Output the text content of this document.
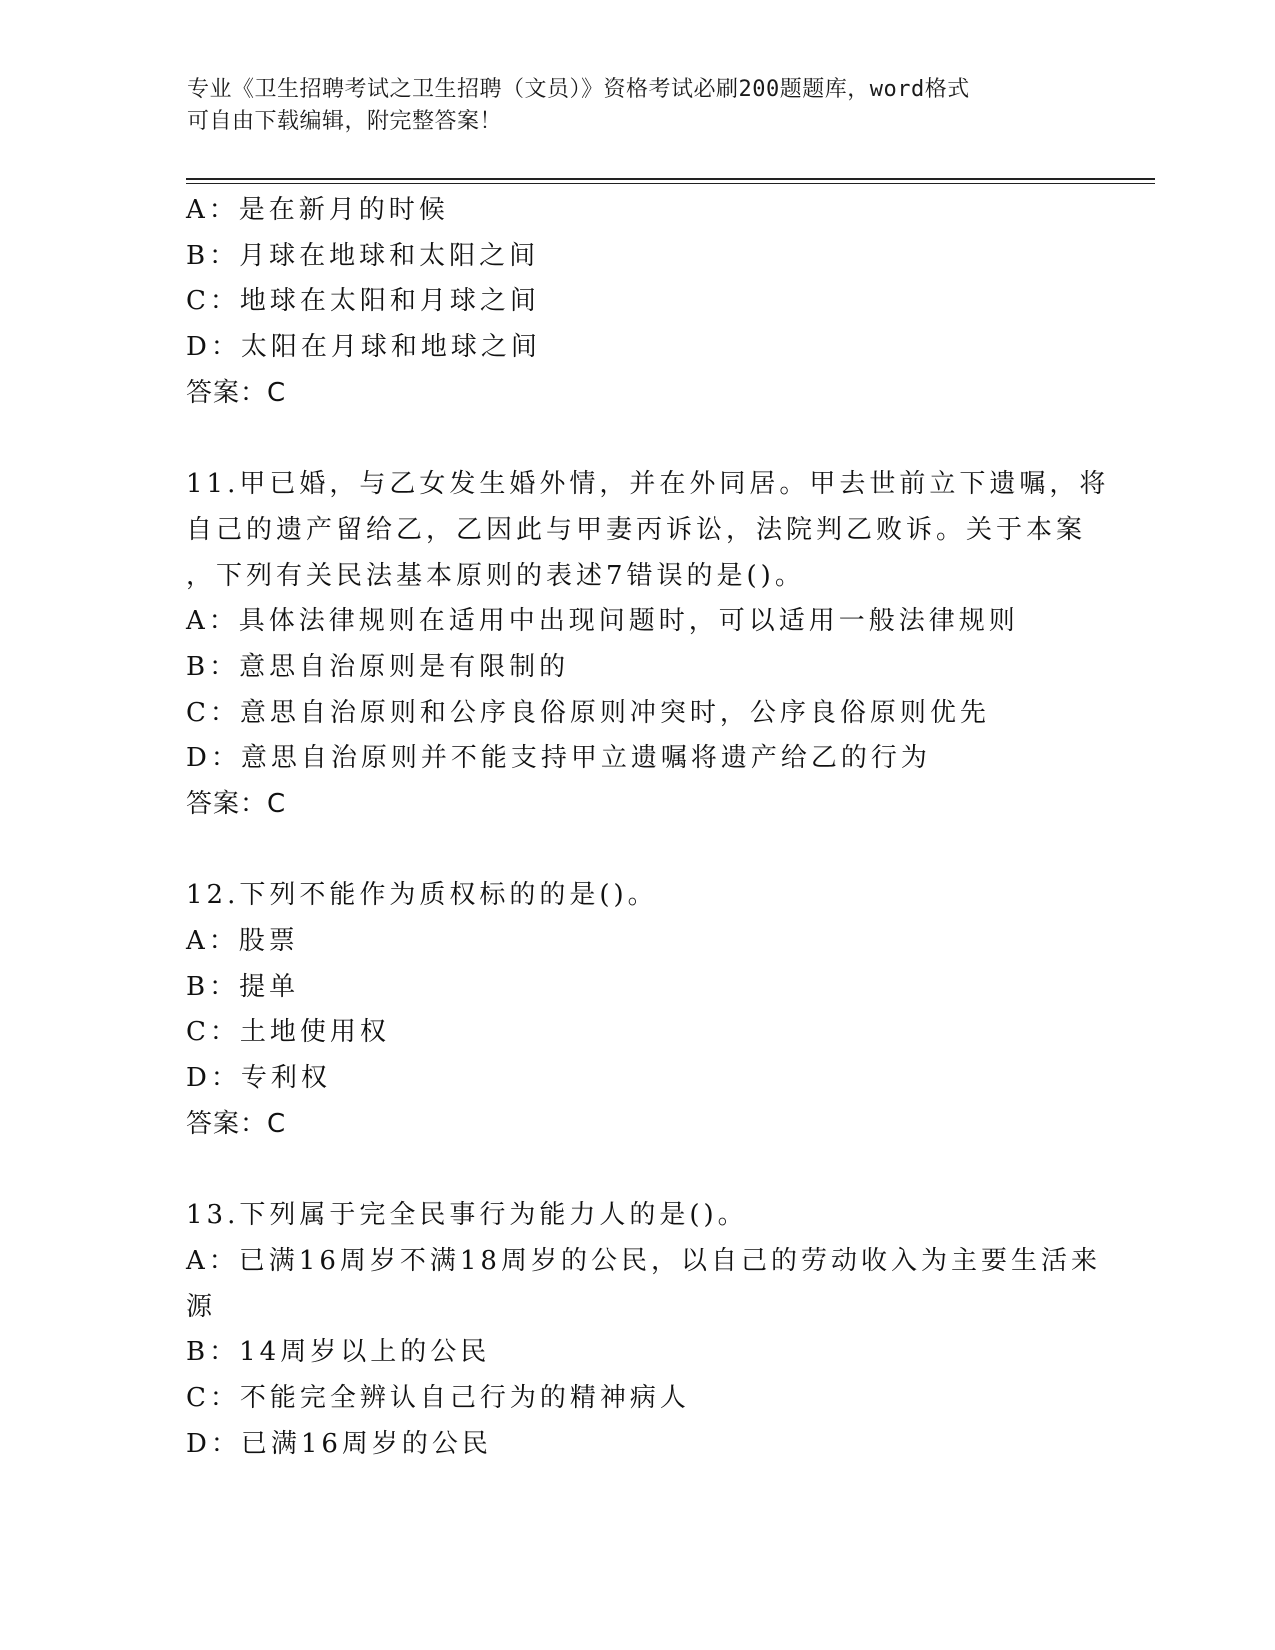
专业《卫生招聘考试之卫生招聘（文员）》资格考试必刷200题题库，word格式
可自由下载编辑，附完整答案！
A：是在新月的时候
B：月球在地球和太阳之间
C：地球在太阳和月球之间
D：太阳在月球和地球之间
答案：C
11.甲已婚，与乙女发生婚外情，并在外同居。甲去世前立下遗嘱，将
自己的遗产留给乙，乙因此与甲妻丙诉讼，法院判乙败诉。关于本案
，下列有关民法基本原则的表述7错误的是()。
A：具体法律规则在适用中出现问题时，可以适用一般法律规则
B：意思自治原则是有限制的
C：意思自治原则和公序良俗原则冲突时，公序良俗原则优先
D：意思自治原则并不能支持甲立遗嘱将遗产给乙的行为
答案：C
12.下列不能作为质权标的的是()。
A：股票
B：提单
C：土地使用权
D：专利权
答案：C
13.下列属于完全民事行为能力人的是()。
A：已满16周岁不满18周岁的公民，以自己的劳动收入为主要生活来
源
B：14周岁以上的公民
C：不能完全辨认自己行为的精神病人
D：已满16周岁的公民
